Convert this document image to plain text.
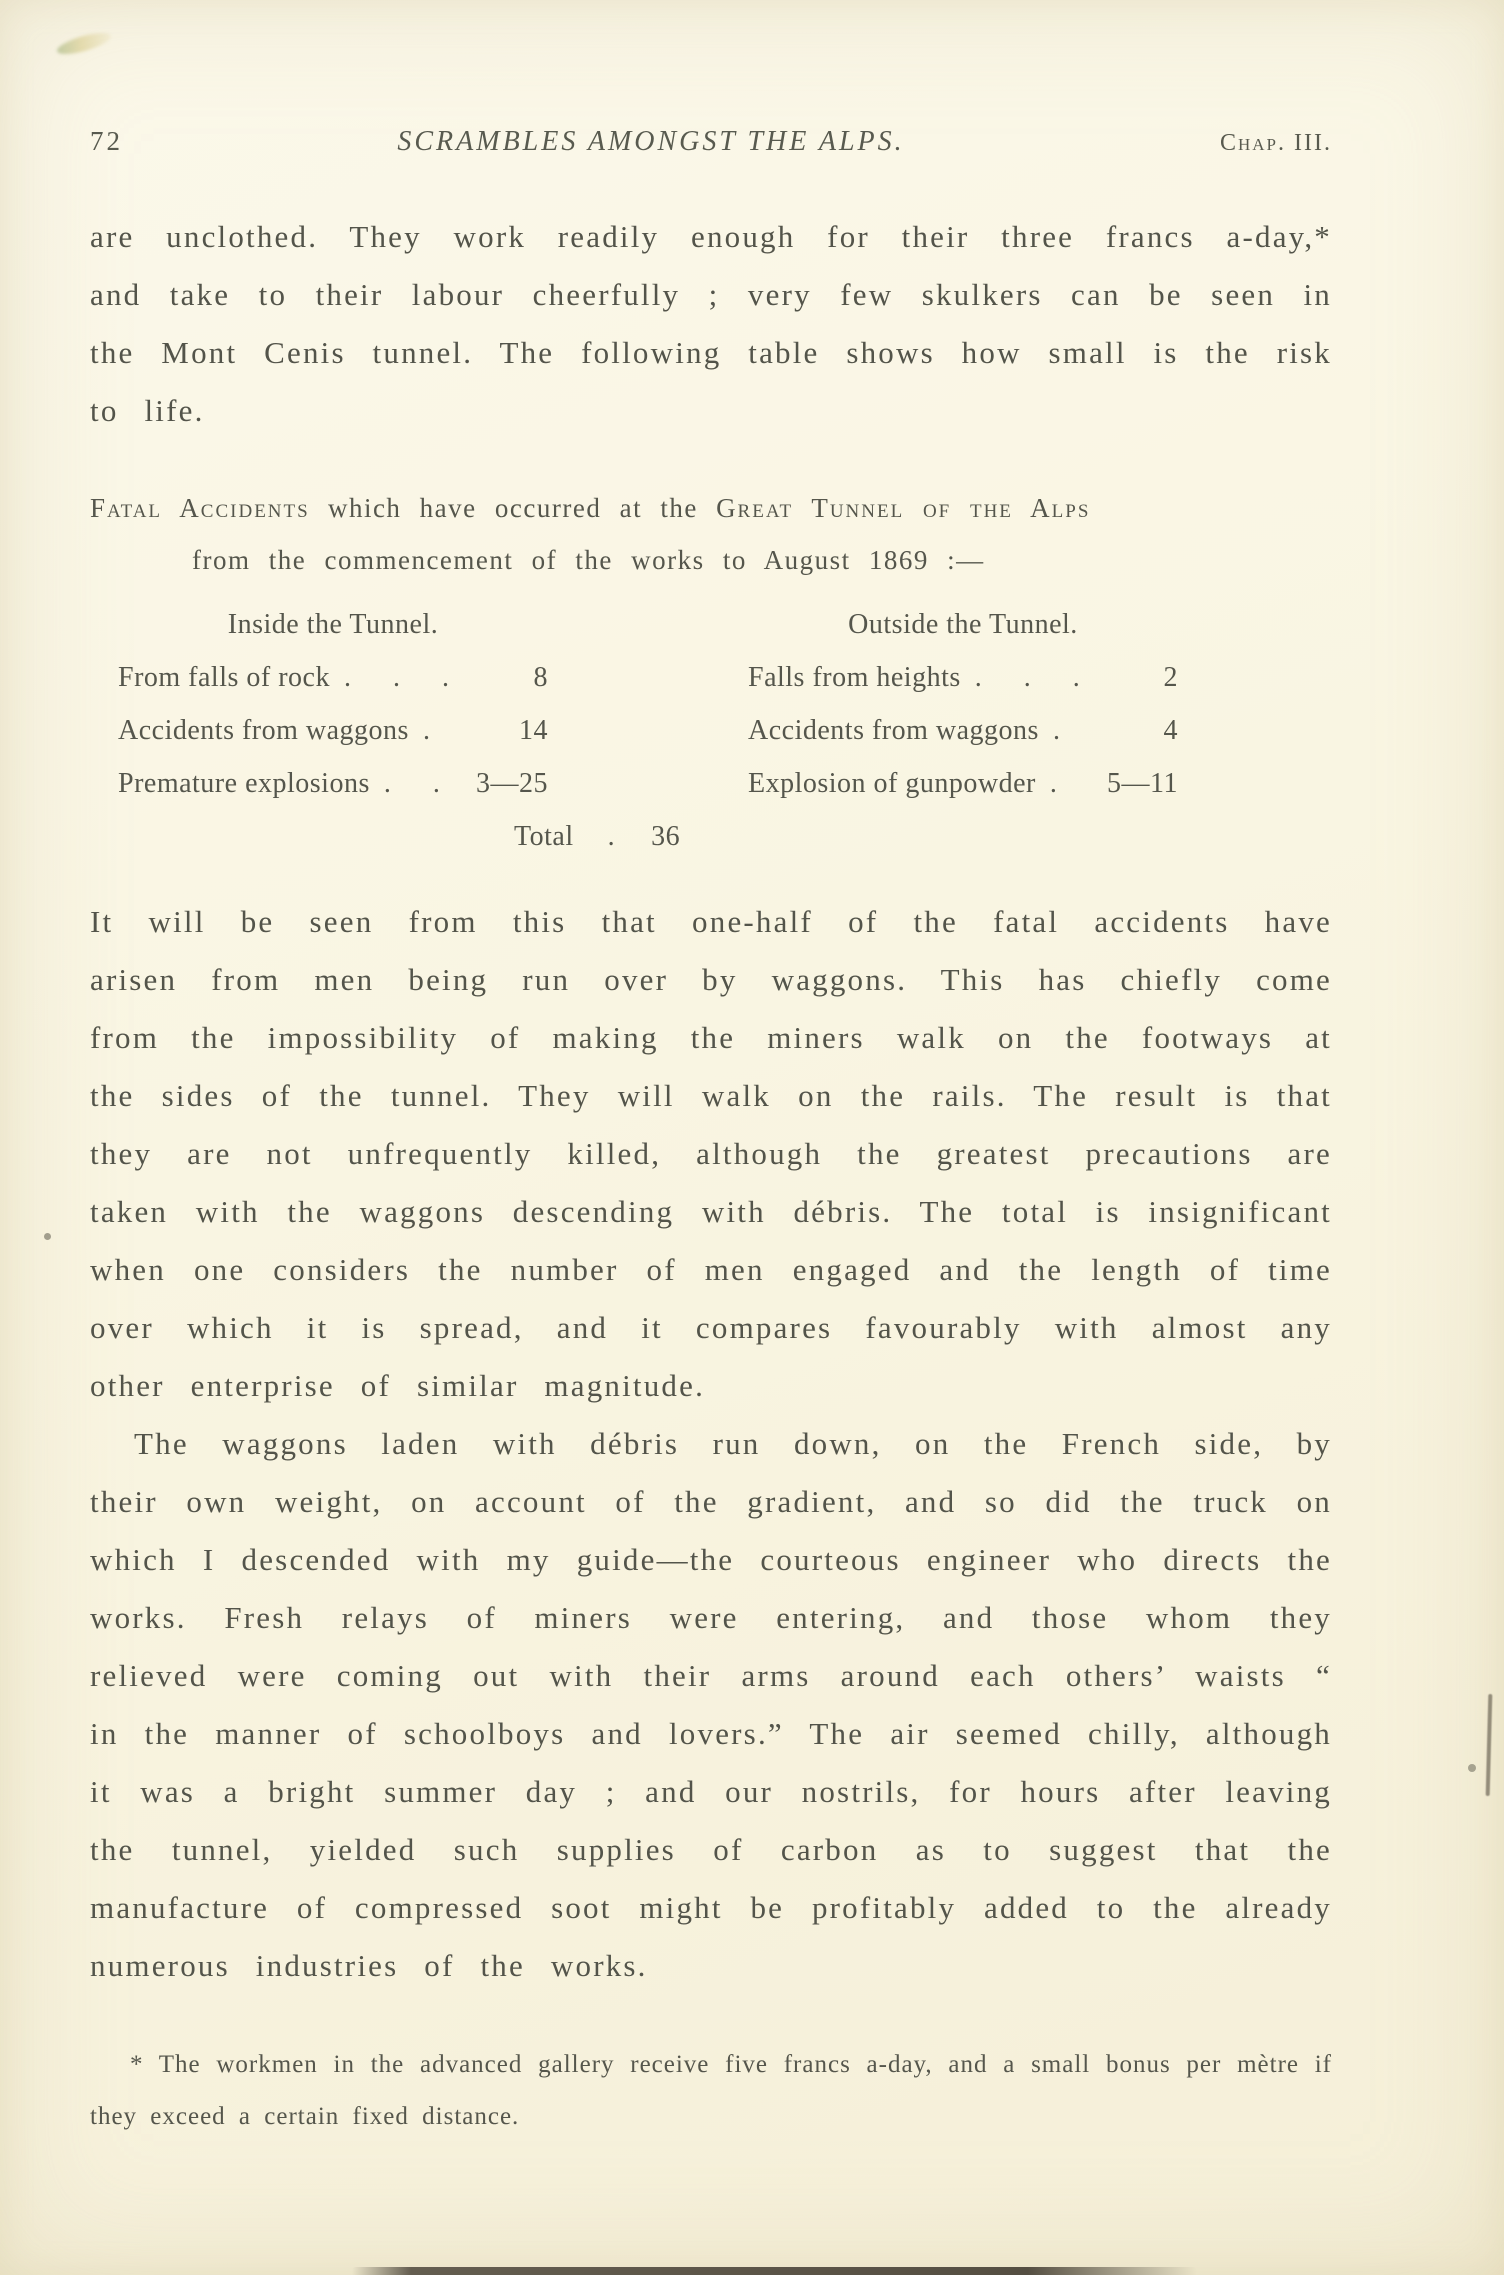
72	SCRAMBLES AMONGST THE ALPS.	Chap. III.

are unclothed. They work readily enough for their three francs a-day,* and take to their labour cheerfully ; very few skulkers can be seen in the Mont Cenis tunnel. The following table shows how small is the risk to life.

Fatal Accidents which have occurred at the Great Tunnel of the Alps
from the commencement of the works to August 1869 :—
Inside the Tunnel.
From falls of rock . . .	8
Accidents from waggons .	14
Premature explosions . .	3—25
Outside the Tunnel.
Falls from heights . . .	2
Accidents from waggons .	4
Explosion of gunpowder .	5—11
Total . 36

It will be seen from this that one-half of the fatal accidents have arisen from men being run over by waggons. This has chiefly come from the impossibility of making the miners walk on the footways at the sides of the tunnel. They will walk on the rails. The result is that they are not unfrequently killed, although the greatest precautions are taken with the waggons descending with débris. The total is insignificant when one considers the number of men engaged and the length of time over which it is spread, and it compares favourably with almost any other enterprise of similar magnitude.

The waggons laden with débris run down, on the French side, by their own weight, on account of the gradient, and so did the truck on which I descended with my guide—the courteous engineer who directs the works. Fresh relays of miners were entering, and those whom they relieved were coming out with their arms around each others’ waists “ in the manner of schoolboys and lovers.” The air seemed chilly, although it was a bright summer day ; and our nostrils, for hours after leaving the tunnel, yielded such supplies of carbon as to suggest that the manufacture of compressed soot might be profitably added to the already numerous industries of the works.

* The workmen in the advanced gallery receive five francs a-day, and a small bonus per mètre if they exceed a certain fixed distance.
